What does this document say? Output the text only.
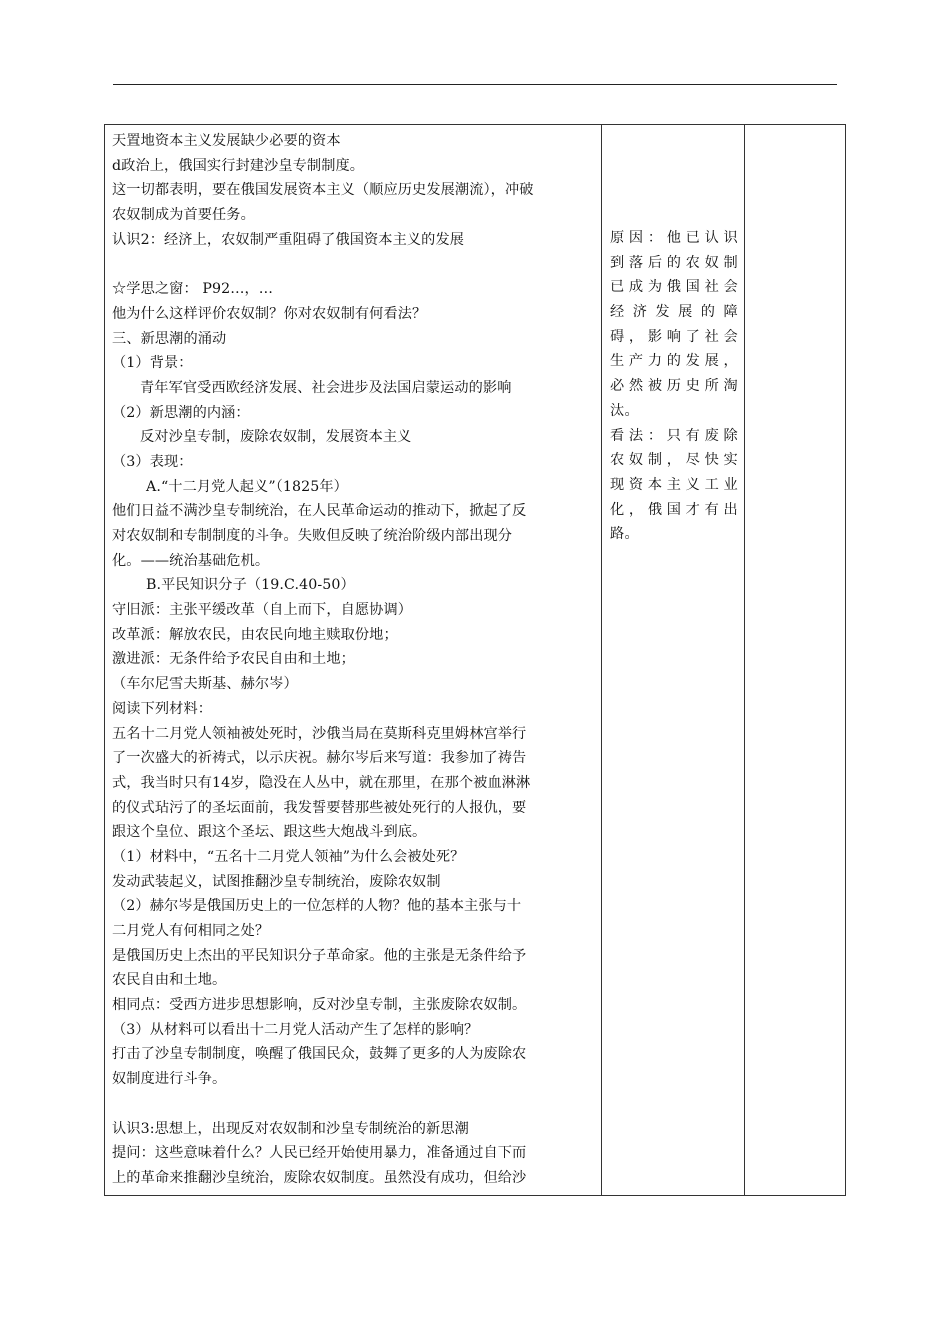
天置地资本主义发展缺少必要的资本
d政治上，俄国实行封建沙皇专制制度。
这一切都表明，要在俄国发展资本主义（顺应历史发展潮流），冲破
农奴制成为首要任务。
认识2：经济上，农奴制严重阻碍了俄国资本主义的发展
☆学思之窗： P92…，…
他为什么这样评价农奴制？你对农奴制有何看法？
三、新思潮的涌动
（1）背景：
青年军官受西欧经济发展、社会进步及法国启蒙运动的影响
（2）新思潮的内涵：
反对沙皇专制，废除农奴制，发展资本主义
（3）表现：
A.“十二月党人起义”（1825年）
他们日益不满沙皇专制统治，在人民革命运动的推动下，掀起了反
对农奴制和专制制度的斗争。失败但反映了统治阶级内部出现分
化。——统治基础危机。
B.平民知识分子（19.C.40-50）
守旧派：主张平缓改革（自上而下，自愿协调）
改革派：解放农民，由农民向地主赎取份地；
激进派：无条件给予农民自由和土地；
（车尔尼雪夫斯基、赫尔岑）
阅读下列材料：
五名十二月党人领袖被处死时，沙俄当局在莫斯科克里姆林宫举行
了一次盛大的祈祷式，以示庆祝。赫尔岑后来写道：我参加了祷告
式，我当时只有14岁，隐没在人丛中，就在那里，在那个被血淋淋
的仪式玷污了的圣坛面前，我发誓要替那些被处死行的人报仇，要
跟这个皇位、跟这个圣坛、跟这些大炮战斗到底。
（1）材料中，“五名十二月党人领袖”为什么会被处死？
发动武装起义，试图推翻沙皇专制统治，废除农奴制
（2）赫尔岑是俄国历史上的一位怎样的人物？他的基本主张与十
二月党人有何相同之处？
是俄国历史上杰出的平民知识分子革命家。他的主张是无条件给予
农民自由和土地。
相同点：受西方进步思想影响，反对沙皇专制，主张废除农奴制。
（3）从材料可以看出十二月党人活动产生了怎样的影响？
打击了沙皇专制制度，唤醒了俄国民众，鼓舞了更多的人为废除农
奴制度进行斗争。
认识3:思想上，出现反对农奴制和沙皇专制统治的新思潮
提问：这些意味着什么？人民已经开始使用暴力，准备通过自下而
上的革命来推翻沙皇统治，废除农奴制度。虽然没有成功，但给沙
原因：他已认识
到落后的农奴制
已成为俄国社会
经济发展的障
碍，影响了社会
生产力的发展，
必然被历史所淘
汰。
看法：只有废除
农奴制，尽快实
现资本主义工业
化，俄国才有出
路。
